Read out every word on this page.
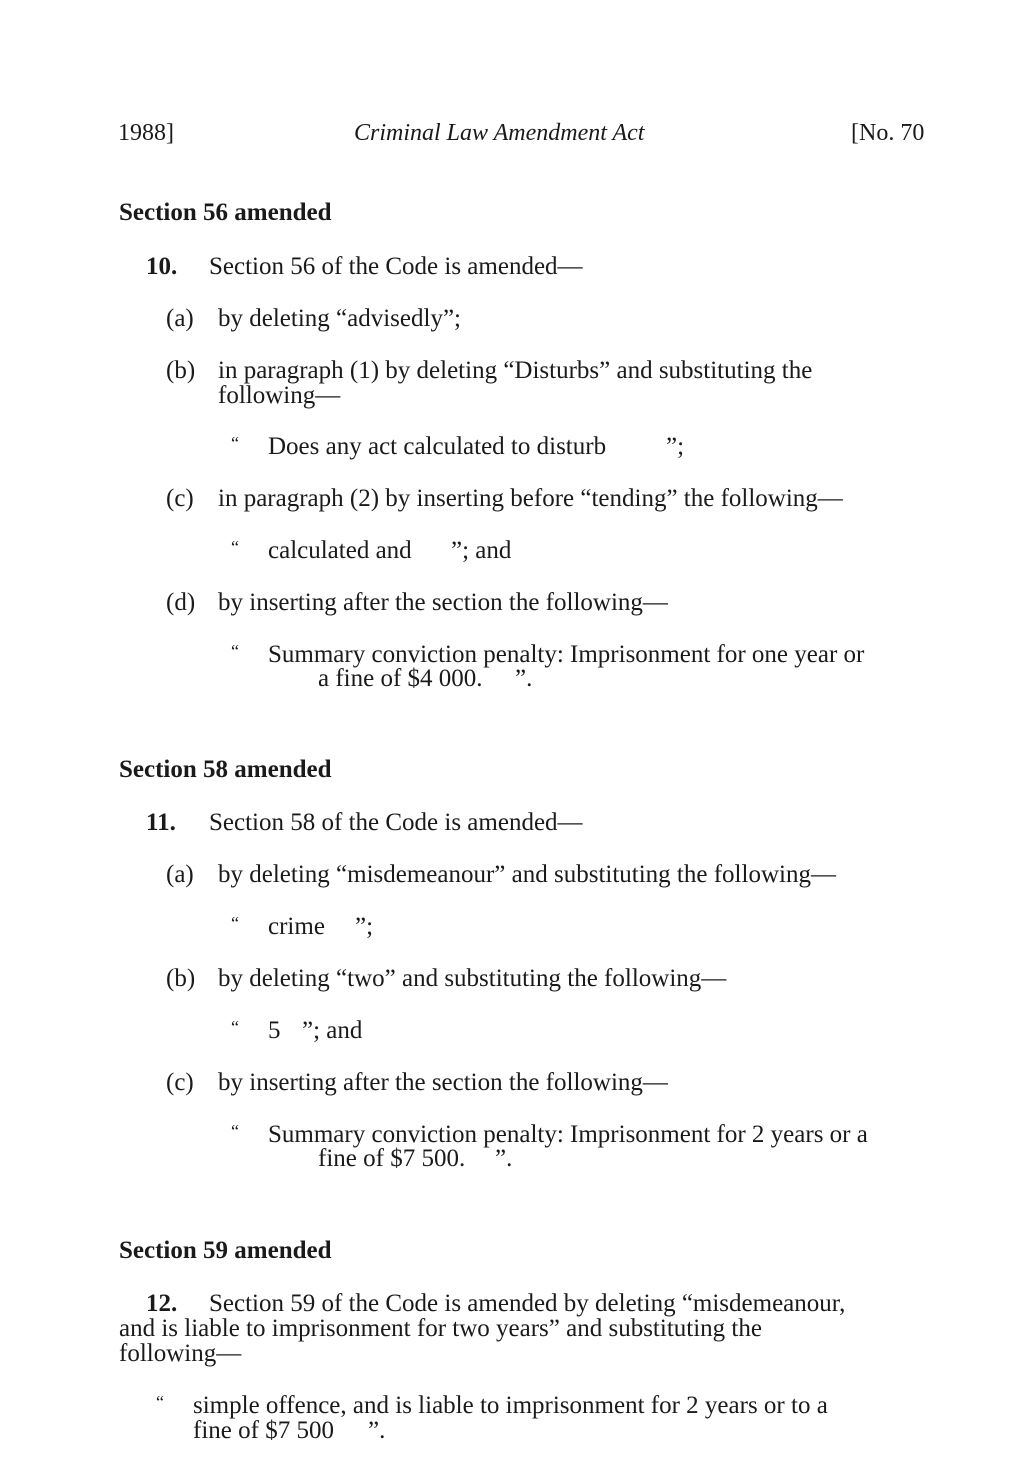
1988]	Criminal Law Amendment Act	[No. 70
Section 56 amended
10. Section 56 of the Code is amended—
(a) by deleting “advisedly”;
(b) in paragraph (1) by deleting “Disturbs” and substituting the
following—
“ Does any act calculated to disturb ”;
(c) in paragraph (2) by inserting before “tending” the following—
“ calculated and ”; and
(d) by inserting after the section the following—
“ Summary conviction penalty: Imprisonment for one year or
a fine of $4 000. ”.
Section 58 amended
11. Section 58 of the Code is amended—
(a) by deleting “misdemeanour” and substituting the following—
“ crime ”;
(b) by deleting “two” and substituting the following—
“ 5 ”; and
(c) by inserting after the section the following—
“ Summary conviction penalty: Imprisonment for 2 years or a
fine of $7 500. ”.
Section 59 amended
12. Section 59 of the Code is amended by deleting “misdemeanour,
and is liable to imprisonment for two years” and substituting the
following—
“ simple offence, and is liable to imprisonment for 2 years or to a
fine of $7 500 ”.
